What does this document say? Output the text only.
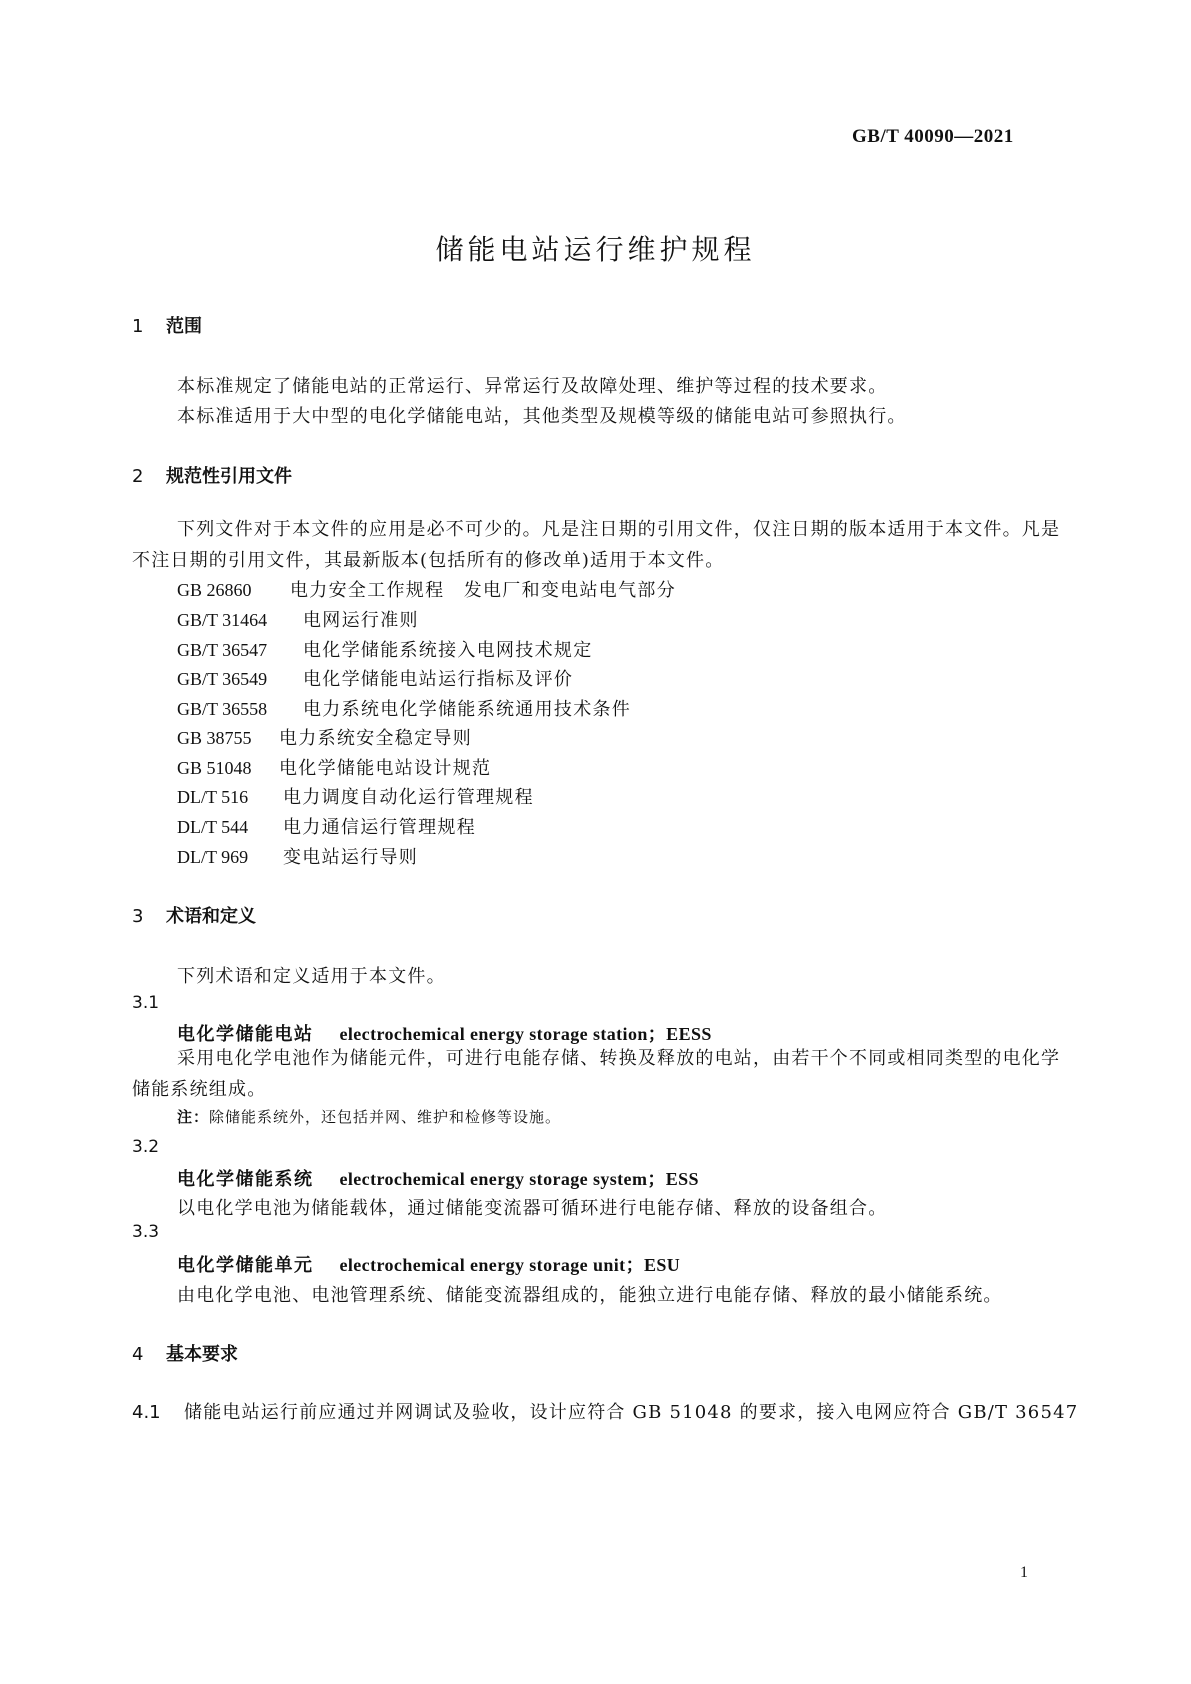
GB/T 40090—2021
储能电站运行维护规程
1 范围
本标准规定了储能电站的正常运行、异常运行及故障处理、维护等过程的技术要求。
本标准适用于大中型的电化学储能电站，其他类型及规模等级的储能电站可参照执行。
2 规范性引用文件
下列文件对于本文件的应用是必不可少的。凡是注日期的引用文件，仅注日期的版本适用于本文件。凡是不注日期的引用文件，其最新版本(包括所有的修改单)适用于本文件。
GB 26860 电力安全工作规程　发电厂和变电站电气部分
GB/T 31464 电网运行准则
GB/T 36547 电化学储能系统接入电网技术规定
GB/T 36549 电化学储能电站运行指标及评价
GB/T 36558 电力系统电化学储能系统通用技术条件
GB 38755 电力系统安全稳定导则
GB 51048 电化学储能电站设计规范
DL/T 516 电力调度自动化运行管理规程
DL/T 544 电力通信运行管理规程
DL/T 969 变电站运行导则
3 术语和定义
下列术语和定义适用于本文件。
3.1
电化学储能电站 electrochemical energy storage station；EESS
采用电化学电池作为储能元件，可进行电能存储、转换及释放的电站，由若干个不同或相同类型的电化学储能系统组成。
注：除储能系统外，还包括并网、维护和检修等设施。
3.2
电化学储能系统 electrochemical energy storage system；ESS
以电化学电池为储能载体，通过储能变流器可循环进行电能存储、释放的设备组合。
3.3
电化学储能单元 electrochemical energy storage unit；ESU
由电化学电池、电池管理系统、储能变流器组成的，能独立进行电能存储、释放的最小储能系统。
4 基本要求
4.1 储能电站运行前应通过并网调试及验收，设计应符合 GB 51048 的要求，接入电网应符合 GB/T 36547
1
